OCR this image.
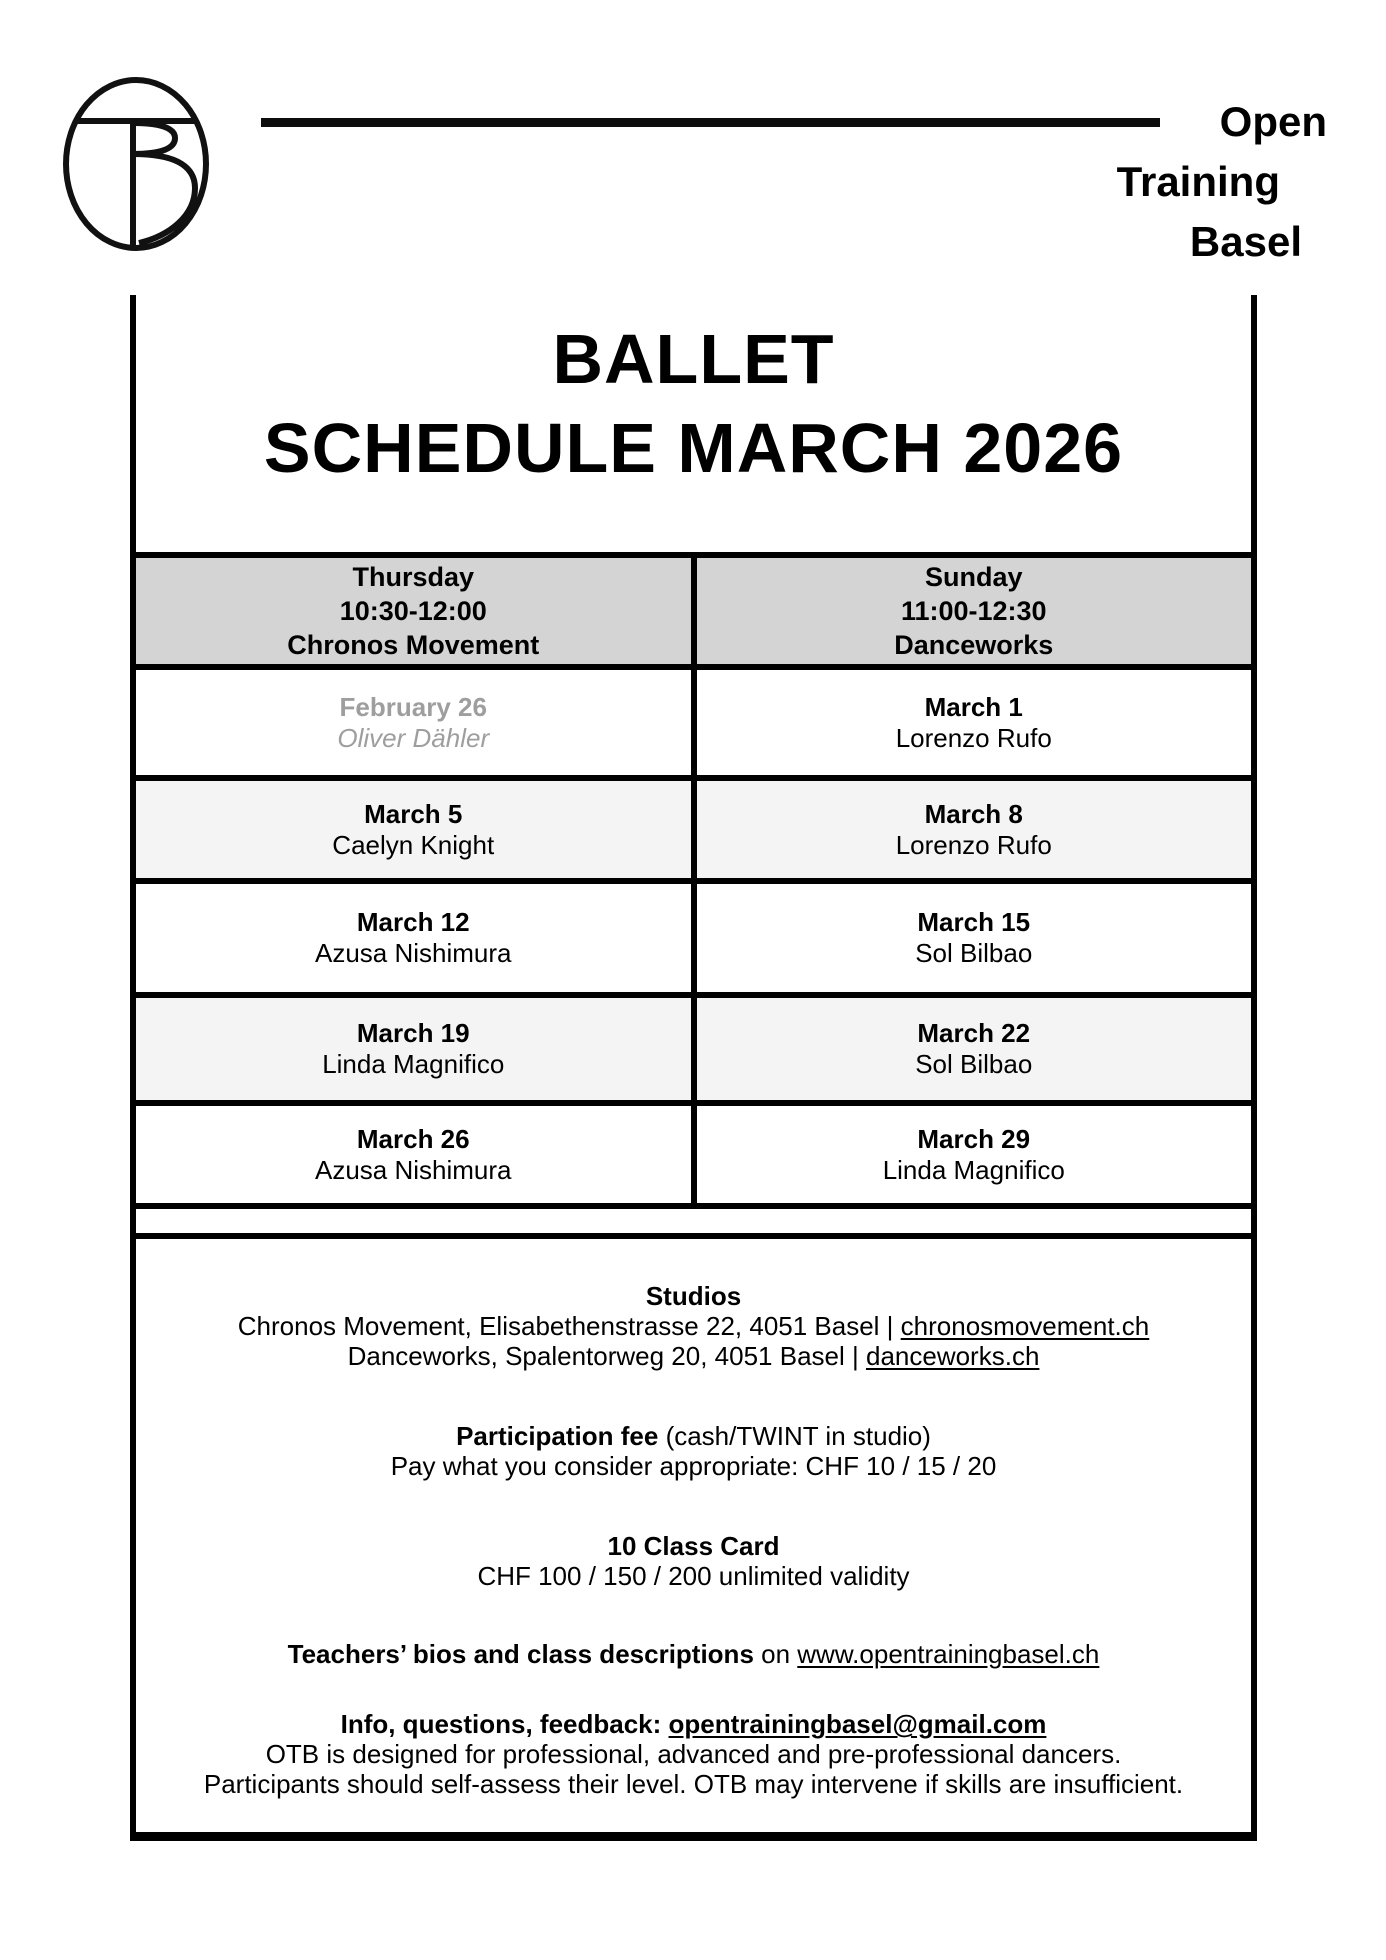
Open
Training
Basel
BALLET
SCHEDULE MARCH 2026
Thursday
10:30-12:00
Chronos Movement
Sunday
11:00-12:30
Danceworks
February 26
Oliver Dähler
March 1
Lorenzo Rufo
March 5
Caelyn Knight
March 8
Lorenzo Rufo
March 12
Azusa Nishimura
March 15
Sol Bilbao
March 19
Linda Magnifico
March 22
Sol Bilbao
March 26
Azusa Nishimura
March 29
Linda Magnifico
Studios
Chronos Movement, Elisabethenstrasse 22, 4051 Basel | chronosmovement.ch
Danceworks, Spalentorweg 20, 4051 Basel | danceworks.ch
Participation fee (cash/TWINT in studio)
Pay what you consider appropriate: CHF 10 / 15 / 20
10 Class Card
CHF 100 / 150 / 200 unlimited validity
Teachers’ bios and class descriptions on www.opentrainingbasel.ch
Info, questions, feedback: opentrainingbasel@gmail.com
OTB is designed for professional, advanced and pre-professional dancers.
Participants should self-assess their level. OTB may intervene if skills are insufficient.
